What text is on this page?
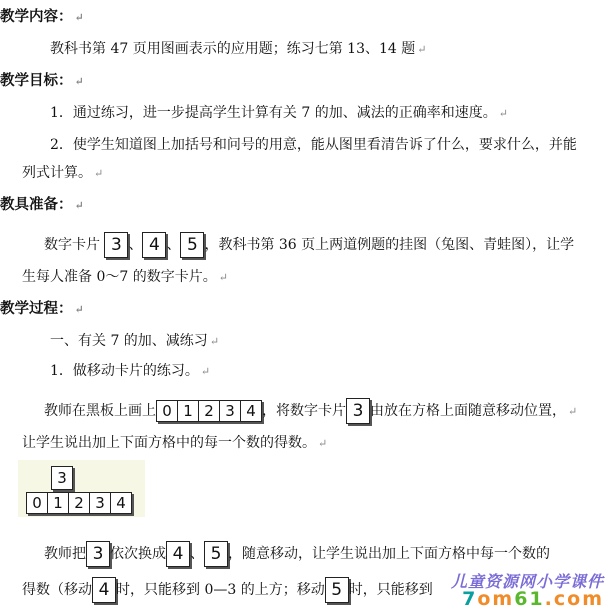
教学内容： ↵
教科书第 47 页用图画表示的应用题；练习七第 13、14 题 ↵
教学目标： ↵
1．通过练习，进一步提高学生计算有关 7 的加、减法的正确率和速度。 ↵
2．使学生知道图上加括号和问号的用意，能从图里看清告诉了什么，要求什么，并能
列式计算。 ↵
教具准备： ↵
数字卡片 3 、 4 、 5 ，教科书第 36 页上两道例题的挂图（兔图、青蛙图），让学
生每人准备 0～7 的数字卡片。 ↵
教学过程： ↵
一、有关 7 的加、减练习 ↵
1．做移动卡片的练习。 ↵
教师在黑板上画上 0 1 2 3 4 ，将数字卡片 3 由放在方格上面随意移动位置， ↵
让学生说出加上下面方格中的每一个数的得数。 ↵
3
0 1 2 3 4
教师把 3 依次换成 4 、 5 ，随意移动，让学生说出加上下面方格中每一个数的
得数（移动 4 时，只能移到 0—3 的上方；移动 5 时，只能移到 儿童资源网小学课件
7om61.com
